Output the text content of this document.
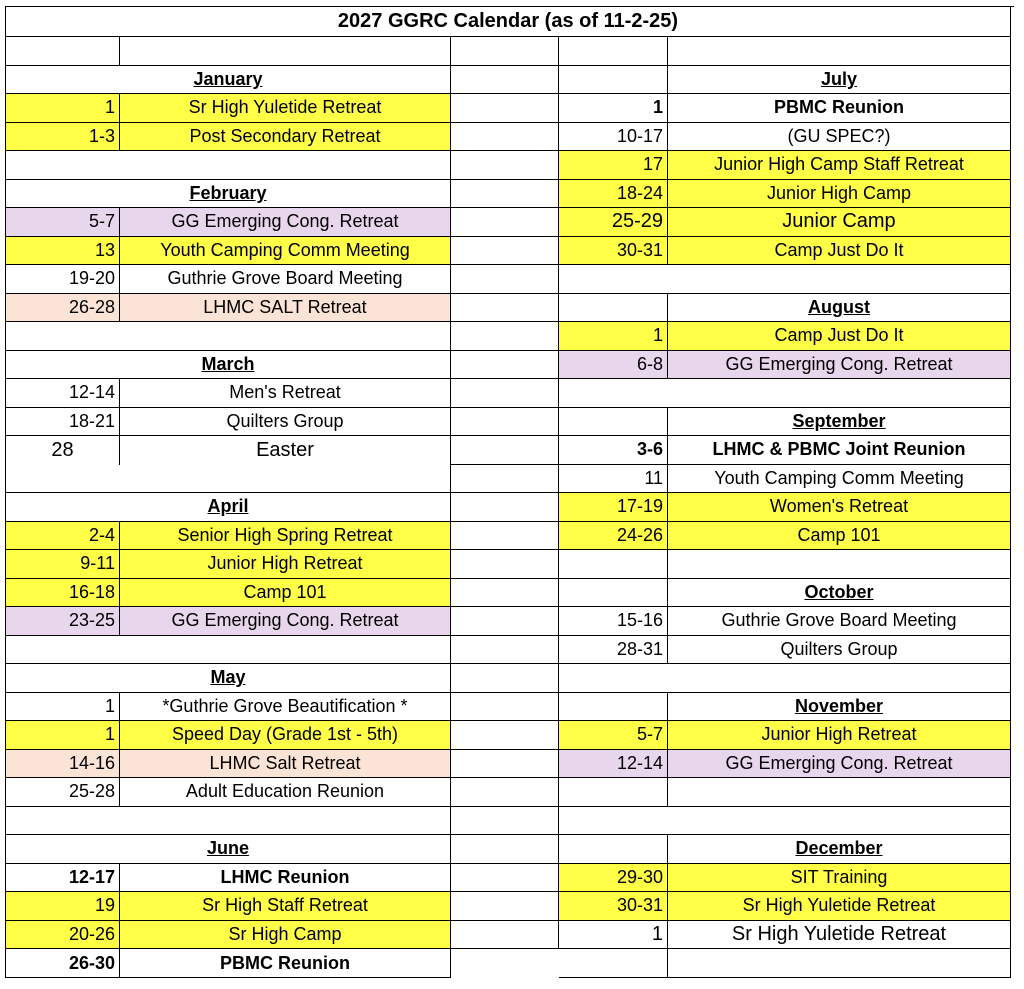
2027 GGRC Calendar (as of 11-2-25)
January
1	Sr High Yuletide Retreat
1-3	Post Secondary Retreat
February
5-7	GG Emerging Cong. Retreat
13	Youth Camping Comm Meeting
19-20	Guthrie Grove Board Meeting
26-28	LHMC SALT Retreat
March
12-14	Men's Retreat
18-21	Quilters Group
28	Easter
April
2-4	Senior High Spring Retreat
9-11	Junior High Retreat
16-18	Camp 101
23-25	GG Emerging Cong. Retreat
May
1	*Guthrie Grove Beautification *
1	Speed Day (Grade 1st - 5th)
14-16	LHMC Salt Retreat
25-28	Adult Education Reunion
June
12-17	LHMC Reunion
19	Sr High Staff Retreat
20-26	Sr High Camp
26-30	PBMC Reunion
July
1	PBMC Reunion
10-17	(GU SPEC?)
17	Junior High Camp Staff Retreat
18-24	Junior High Camp
25-29	Junior Camp
30-31	Camp Just Do It
August
1	Camp Just Do It
6-8	GG Emerging Cong. Retreat
September
3-6	LHMC & PBMC Joint Reunion
11	Youth Camping Comm Meeting
17-19	Women's Retreat
24-26	Camp 101
October
15-16	Guthrie Grove Board Meeting
28-31	Quilters Group
November
5-7	Junior High Retreat
12-14	GG Emerging Cong. Retreat
December
29-30	SIT Training
30-31	Sr High Yuletide Retreat
1	Sr High Yuletide Retreat
